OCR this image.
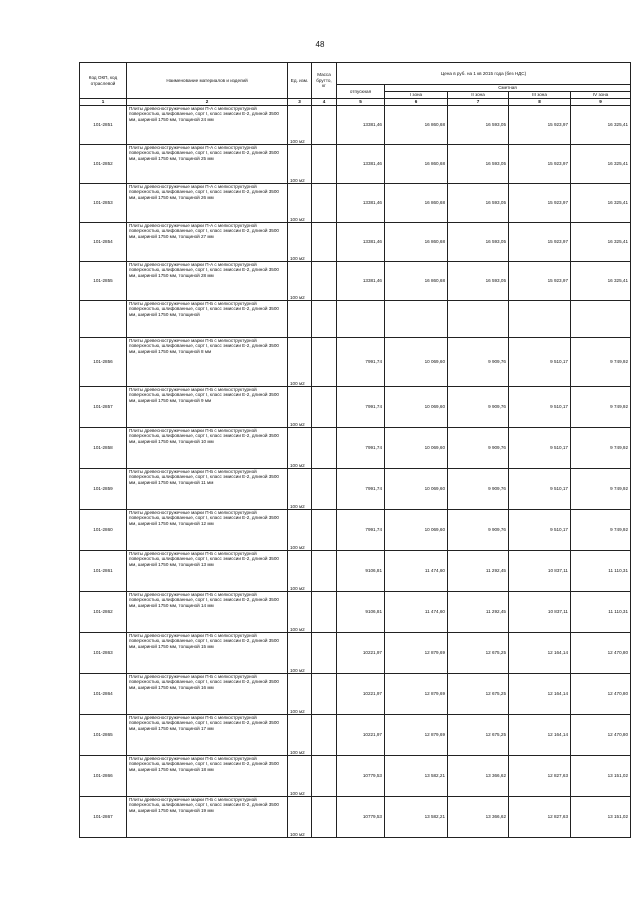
48
Код ОКП, код отраслевой	Наименование материалов и изделий	Ед. изм.	Масса брутто, кг	Цена в руб. на 1 кв 2015 года (без НДС)				
				отпускная	Сметная			
					I зона	II зона	III зона	IV зона
1	2	3	4	5	6	7	8	9
101-2851	Плиты древесностружечные марки П-А с мелкоструктурной поверхностью, шлифованные, сорт I, класс эмиссии Е-2, длиной 3500 мм, шириной 1750 мм, толщиной 24 мм	100 м2		13381,46	16 860,68	16 593,05	15 923,97	16 325,41
101-2852	Плиты древесностружечные марки П-А с мелкоструктурной поверхностью, шлифованные, сорт I, класс эмиссии Е-2, длиной 3500 мм, шириной 1750 мм, толщиной 25 мм	100 м2		13381,46	16 860,68	16 593,05	15 923,97	16 325,41
101-2853	Плиты древесностружечные марки П-А с мелкоструктурной поверхностью, шлифованные, сорт I, класс эмиссии Е-2, длиной 3500 мм, шириной 1750 мм, толщиной 26 мм	100 м2		13381,46	16 860,68	16 593,05	15 923,97	16 325,41
101-2854	Плиты древесностружечные марки П-А с мелкоструктурной поверхностью, шлифованные, сорт I, класс эмиссии Е-2, длиной 3500 мм, шириной 1750 мм, толщиной 27 мм	100 м2		13381,46	16 860,68	16 593,05	15 923,97	16 325,41
101-2855	Плиты древесностружечные марки П-А с мелкоструктурной поверхностью, шлифованные, сорт I, класс эмиссии Е-2, длиной 3500 мм, шириной 1750 мм, толщиной 28 мм	100 м2		13381,46	16 860,68	16 593,05	15 923,97	16 325,41
	Плиты древесностружечные марки П-Б с мелкоструктурной поверхностью, шлифованные, сорт I, класс эмиссии Е-2, длиной 3500 мм, шириной 1750 мм, толщиной							
101-2856	Плиты древесностружечные марки П-Б с мелкоструктурной поверхностью, шлифованные, сорт I, класс эмиссии Е-2, длиной 3500 мм, шириной 1750 мм, толщиной 8 мм	100 м2		7991,74	10 069,60	9 909,76	9 510,17	9 749,92
101-2857	Плиты древесностружечные марки П-Б с мелкоструктурной поверхностью, шлифованные, сорт I, класс эмиссии Е-2, длиной 3500 мм, шириной 1750 мм, толщиной 9 мм	100 м2		7991,74	10 069,60	9 909,76	9 510,17	9 749,92
101-2858	Плиты древесностружечные марки П-Б с мелкоструктурной поверхностью, шлифованные, сорт I, класс эмиссии Е-2, длиной 3500 мм, шириной 1750 мм, толщиной 10 мм	100 м2		7991,74	10 069,60	9 909,76	9 510,17	9 749,92
101-2859	Плиты древесностружечные марки П-Б с мелкоструктурной поверхностью, шлифованные, сорт I, класс эмиссии Е-2, длиной 3500 мм, шириной 1750 мм, толщиной 11 мм	100 м2		7991,74	10 069,60	9 909,76	9 510,17	9 749,92
101-2860	Плиты древесностружечные марки П-Б с мелкоструктурной поверхностью, шлифованные, сорт I, класс эмиссии Е-2, длиной 3500 мм, шириной 1750 мм, толщиной 12 мм	100 м2		7991,74	10 069,60	9 909,76	9 510,17	9 749,92
101-2861	Плиты древесностружечные марки П-Б с мелкоструктурной поверхностью, шлифованные, сорт I, класс эмиссии Е-2, длиной 3500 мм, шириной 1750 мм, толщиной 13 мм	100 м2		9106,81	11 474,60	11 292,45	10 837,11	11 110,31
101-2862	Плиты древесностружечные марки П-Б с мелкоструктурной поверхностью, шлифованные, сорт I, класс эмиссии Е-2, длиной 3500 мм, шириной 1750 мм, толщиной 14 мм	100 м2		9106,81	11 474,60	11 292,45	10 837,11	11 110,31
101-2863	Плиты древесностружечные марки П-Б с мелкоструктурной поверхностью, шлифованные, сорт I, класс эмиссии Е-2, длиной 3500 мм, шириной 1750 мм, толщиной 15 мм	100 м2		10221,97	12 879,69	12 675,25	12 164,14	12 470,80
101-2864	Плиты древесностружечные марки П-Б с мелкоструктурной поверхностью, шлифованные, сорт I, класс эмиссии Е-2, длиной 3500 мм, шириной 1750 мм, толщиной 16 мм	100 м2		10221,97	12 879,69	12 675,25	12 164,14	12 470,80
101-2865	Плиты древесностружечные марки П-Б с мелкоструктурной поверхностью, шлифованные, сорт I, класс эмиссии Е-2, длиной 3500 мм, шириной 1750 мм, толщиной 17 мм	100 м2		10221,97	12 879,69	12 675,25	12 164,14	12 470,80
101-2866	Плиты древесностружечные марки П-Б с мелкоструктурной поверхностью, шлифованные, сорт I, класс эмиссии Е-2, длиной 3500 мм, шириной 1750 мм, толщиной 18 мм	100 м2		10779,53	13 582,21	13 366,62	12 827,63	13 151,02
101-2867	Плиты древесностружечные марки П-Б с мелкоструктурной поверхностью, шлифованные, сорт I, класс эмиссии Е-2, длиной 3500 мм, шириной 1750 мм, толщиной 19 мм	100 м2		10779,53	13 582,21	13 366,62	12 827,63	13 151,02
